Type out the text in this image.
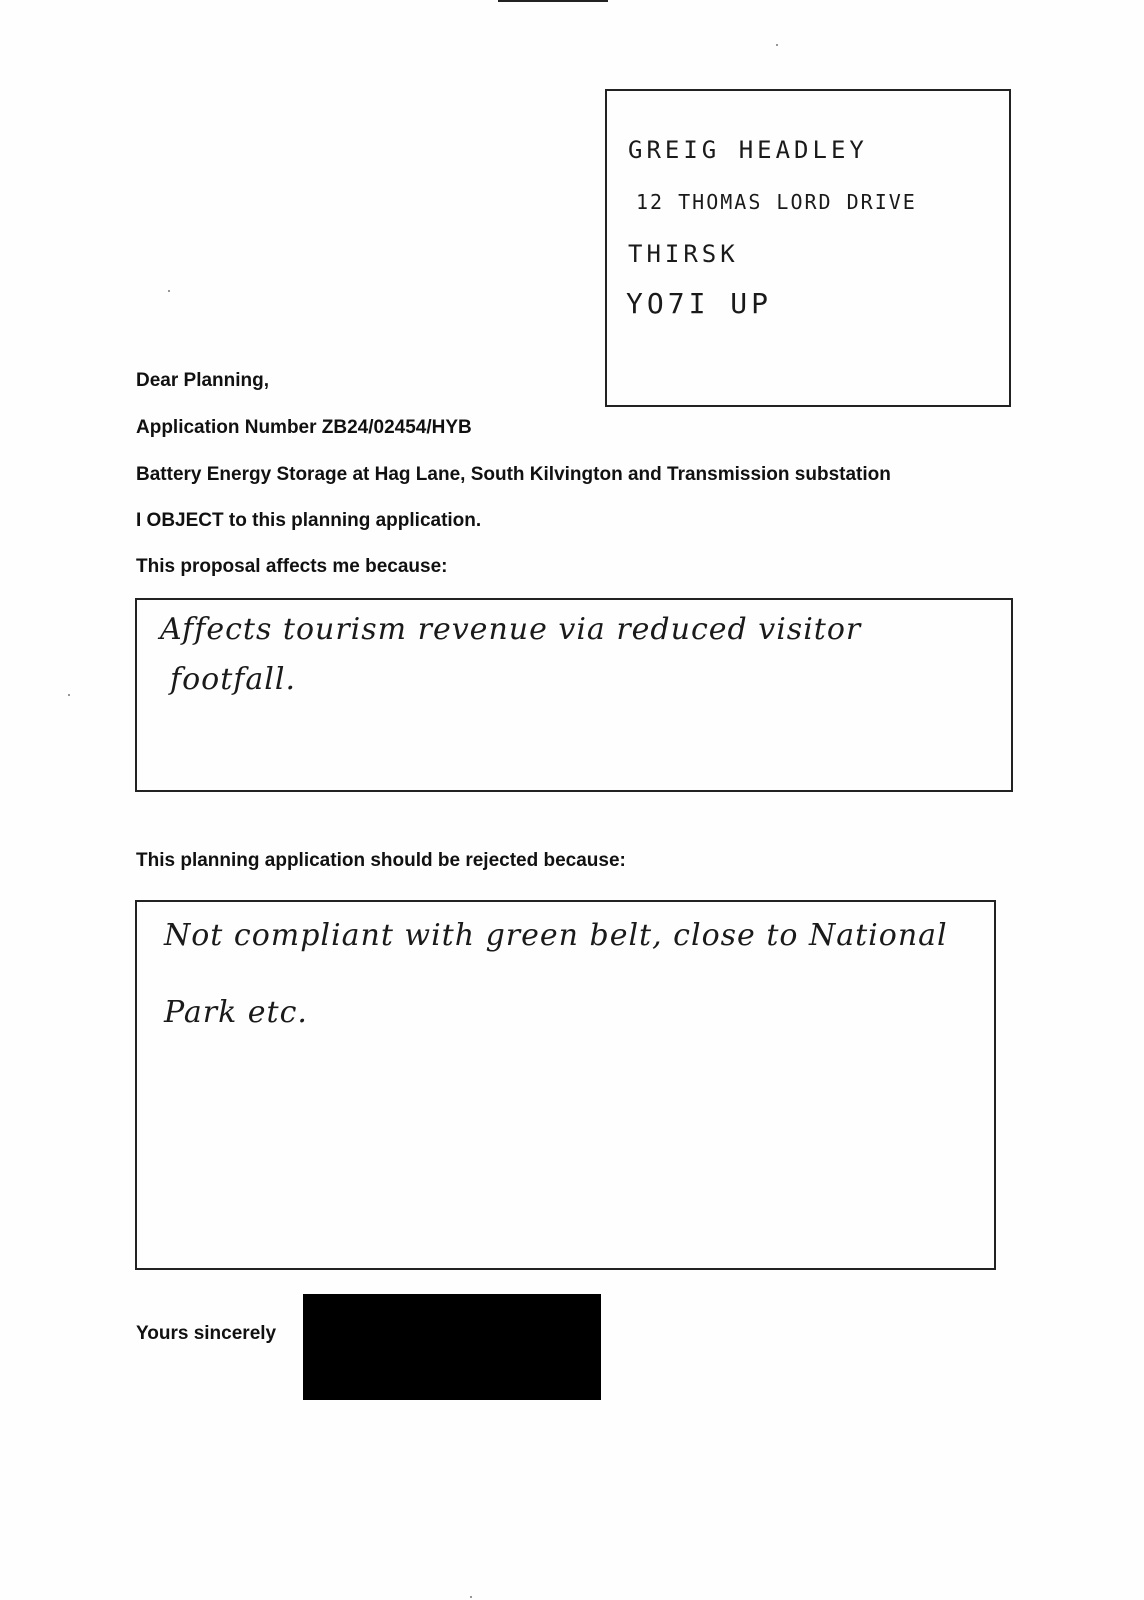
GREIG HEADLEY
12 THOMAS LORD DRIVE
THIRSK
YO7I UP
Dear Planning,
Application Number ZB24/02454/HYB
Battery Energy Storage at Hag Lane, South Kilvington and Transmission substation
I OBJECT to this planning application.
This proposal affects me because:
Affects tourism revenue via reduced visitor
footfall.
This planning application should be rejected because:
Not compliant with green belt, close to National
Park etc.
Yours sincerely
